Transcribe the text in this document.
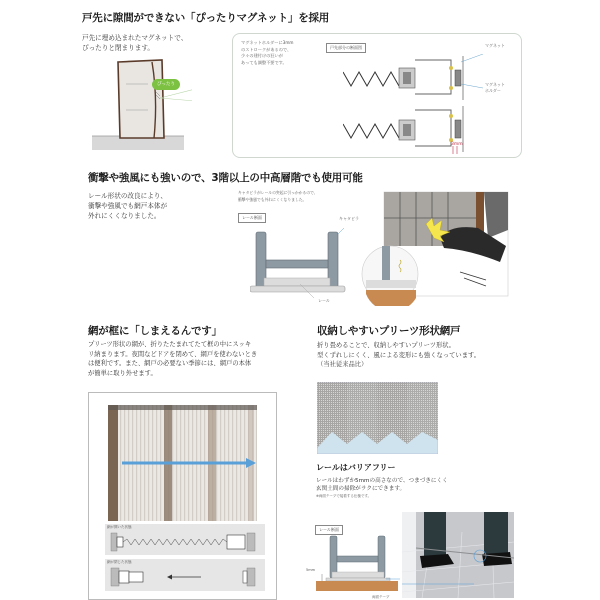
戸先に隙間ができない「ぴったりマグネット」を採用
戸先に埋め込まれたマグネットで、
ぴったりと閉まります。
ぴったり
マグネットホルダーに3mm
のストロークがあるので、
少々の建付けの狂いが
あっても調整不要です。
戸先部分の断面図	マグネット
マグネット
ホルダー
3mm
衝撃や強風にも強いので、3階以上の中高層階でも使用可能
レール形状の改良により、
衝撃や強風でも網戸本体が
外れにくくなりました。
キャタピラがレールの突起に引っかかるので、
衝撃や強風でも外れにくくなりました。
レール断面	キャタピラ
レール
網が框に「しまえるんです」
プリーツ形状の網が、折りたたまれてたて框の中にスッキ
リ納まります。夜間などドアを閉めて、網戸を使わないとき
は便利です。また、網戸の必要ない季節には、網戸の本体
が簡単に取り外せます。
網が開いた状態
網が閉じた状態
収納しやすいプリーツ形状網戸
折り畳めることで、収納しやすいプリーツ形状。
型くずれしにくく、風による変形にも強くなっています。
（当社従来品比）
レールはバリアフリー
レールはわずか5mmの高さなので、つまづきにくく
玄関土間の掃除がラクにできます。
※両面テープで接着する仕様です。
レール断面
5mm
両面テープ
